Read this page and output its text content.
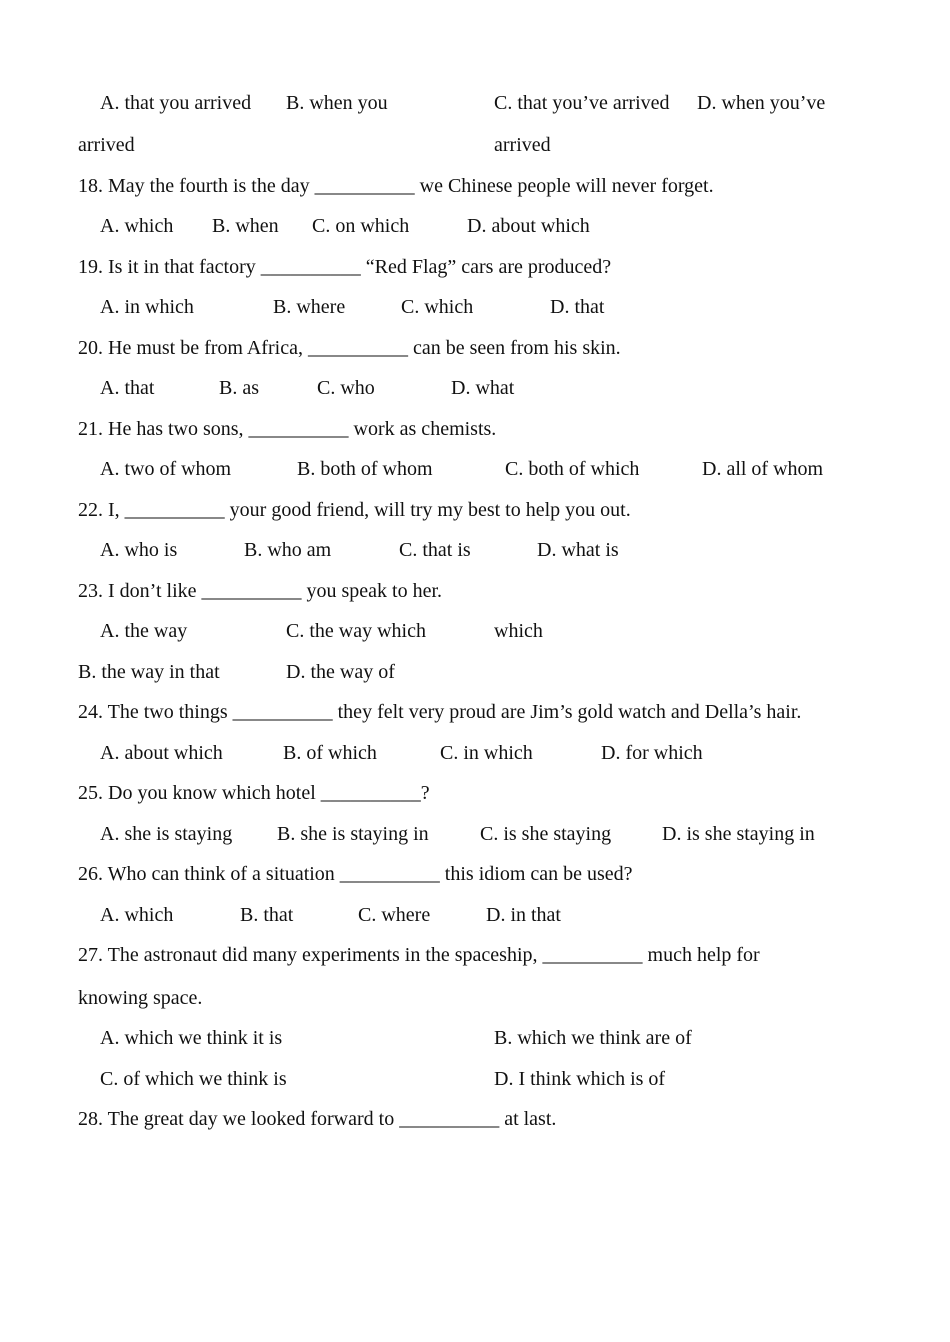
A. that you arrived B. when you	C. that you’ve arrived D. when you’ve
arrived	arrived
18. May the fourth is the day __________ we Chinese people will never forget.
A. which B. when C. on which	D. about which
19. Is it in that factory __________ “Red Flag” cars are produced?
A. in which	B. where	C. which	D. that
20. He must be from Africa, __________ can be seen from his skin.
A. that	B. as	C. who	D. what
21. He has two sons, __________ work as chemists.
A. two of whom	B. both of whom	C. both of which	D. all of whom
22. I, __________ your good friend, will try my best to help you out.
A. who is	B. who am	C. that is	D. what is
23. I don’t like __________ you speak to her.
A. the way	C. the way which	which
B. the way in that	D. the way of
24. The two things __________ they felt very proud are Jim’s gold watch and Della’s hair.
A. about which	B. of which	C. in which	D. for which
25. Do you know which hotel __________?
A. she is staying B. she is staying in	C. is she staying	D. is she staying in
26. Who can think of a situation __________ this idiom can be used?
A. which	B. that	C. where	D. in that
27. The astronaut did many experiments in the spaceship, __________ much help for
knowing space.
A. which we think it is	B. which we think are of
C. of which we think is	D. I think which is of
28. The great day we looked forward to __________ at last.
